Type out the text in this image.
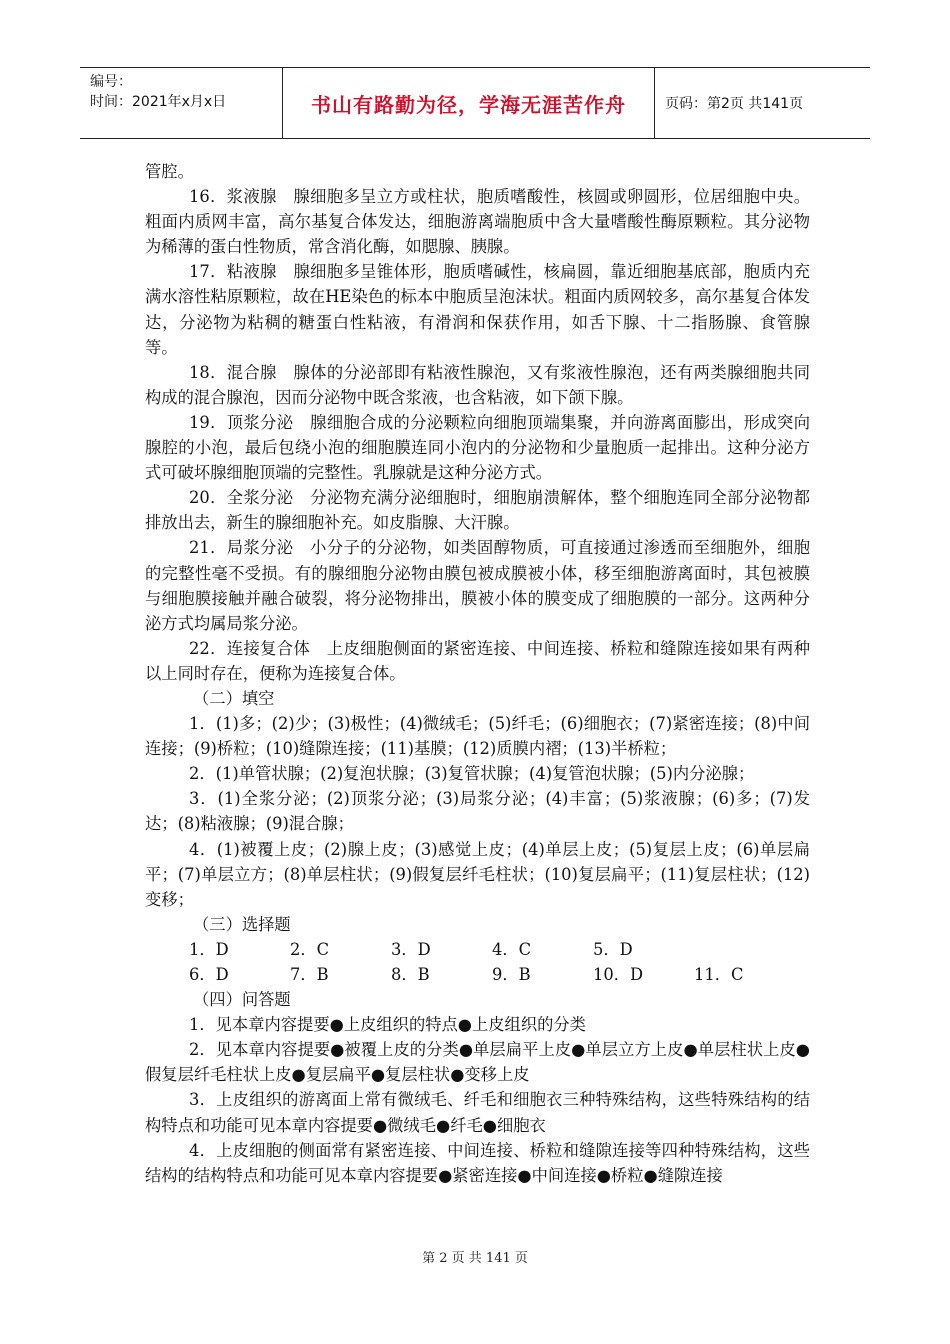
编号：
时间：2021年x月x日	书山有路勤为径，学海无涯苦作舟	页码：第2页 共141页

管腔。

16．浆液腺　腺细胞多呈立方或柱状，胞质嗜酸性，核圆或卵圆形，位居细胞中央。粗面内质网丰富，高尔基复合体发达，细胞游离端胞质中含大量嗜酸性酶原颗粒。其分泌物为稀薄的蛋白性物质，常含消化酶，如腮腺、胰腺。

17．粘液腺　腺细胞多呈锥体形，胞质嗜碱性，核扁圆，靠近细胞基底部，胞质内充满水溶性粘原颗粒，故在HE染色的标本中胞质呈泡沫状。粗面内质网较多，高尔基复合体发达，分泌物为粘稠的糖蛋白性粘液，有滑润和保获作用，如舌下腺、十二指肠腺、食管腺等。

18．混合腺　腺体的分泌部即有粘液性腺泡，又有浆液性腺泡，还有两类腺细胞共同构成的混合腺泡，因而分泌物中既含浆液，也含粘液，如下颌下腺。

19．顶浆分泌　腺细胞合成的分泌颗粒向细胞顶端集聚，并向游离面膨出，形成突向腺腔的小泡，最后包绕小泡的细胞膜连同小泡内的分泌物和少量胞质一起排出。这种分泌方式可破坏腺细胞顶端的完整性。乳腺就是这种分泌方式。

20．全浆分泌　分泌物充满分泌细胞时，细胞崩溃解体，整个细胞连同全部分泌物都排放出去，新生的腺细胞补充。如皮脂腺、大汗腺。

21．局浆分泌　小分子的分泌物，如类固醇物质，可直接通过渗透而至细胞外，细胞的完整性毫不受损。有的腺细胞分泌物由膜包被成膜被小体，移至细胞游离面时，其包被膜与细胞膜接触并融合破裂，将分泌物排出，膜被小体的膜变成了细胞膜的一部分。这两种分泌方式均属局浆分泌。

22．连接复合体　上皮细胞侧面的紧密连接、中间连接、桥粒和缝隙连接如果有两种以上同时存在，便称为连接复合体。

（二）填空

1．(1)多；(2)少；(3)极性；(4)微绒毛；(5)纤毛；(6)细胞衣；(7)紧密连接；(8)中间连接；(9)桥粒；(10)缝隙连接；(11)基膜；(12)质膜内褶；(13)半桥粒；

2．(1)单管状腺；(2)复泡状腺；(3)复管状腺；(4)复管泡状腺；(5)内分泌腺；

3．(1)全浆分泌；(2)顶浆分泌；(3)局浆分泌；(4)丰富；(5)浆液腺；(6)多；(7)发达；(8)粘液腺；(9)混合腺；

4．(1)被覆上皮；(2)腺上皮；(3)感觉上皮；(4)单层上皮；(5)复层上皮；(6)单层扁平；(7)单层立方；(8)单层柱状；(9)假复层纤毛柱状；(10)复层扁平；(11)复层柱状；(12)变移；

（三）选择题

1．D	2．C	3．D	4．C	5．D
6．D	7．B	8．B	9．B	10．D	11．C

（四）问答题

1．见本章内容提要●上皮组织的特点●上皮组织的分类

2．见本章内容提要●被覆上皮的分类●单层扁平上皮●单层立方上皮●单层柱状上皮●假复层纤毛柱状上皮●复层扁平●复层柱状●变移上皮

3．上皮组织的游离面上常有微绒毛、纤毛和细胞衣三种特殊结构，这些特殊结构的结构特点和功能可见本章内容提要●微绒毛●纤毛●细胞衣

4．上皮细胞的侧面常有紧密连接、中间连接、桥粒和缝隙连接等四种特殊结构，这些结构的结构特点和功能可见本章内容提要●紧密连接●中间连接●桥粒●缝隙连接

第 2 页 共 141 页
